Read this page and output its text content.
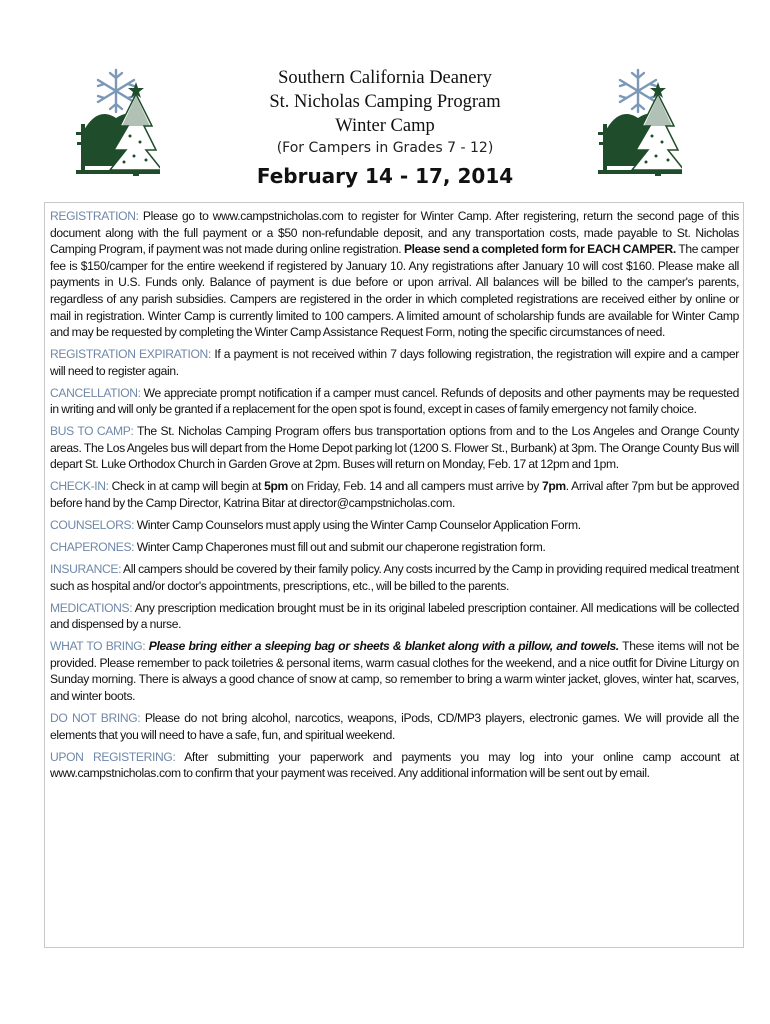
Southern California Deanery
St. Nicholas Camping Program
Winter Camp
(For Campers in Grades 7 - 12)
February 14 - 17, 2014

REGISTRATION: Please go to www.campstnicholas.com to register for Winter Camp. After registering, return the second page of this document along with the full payment or a $50 non-refundable deposit, and any transportation costs, made payable to St. Nicholas Camping Program, if payment was not made during online registration. Please send a completed form for EACH CAMPER. The camper fee is $150/camper for the entire weekend if registered by January 10. Any registrations after January 10 will cost $160. Please make all payments in U.S. Funds only. Balance of payment is due before or upon arrival. All balances will be billed to the camper's parents, regardless of any parish subsidies. Campers are registered in the order in which completed registrations are received either by online or mail in registration. Winter Camp is currently limited to 100 campers. A limited amount of scholarship funds are available for Winter Camp and may be requested by completing the Winter Camp Assistance Request Form, noting the specific circumstances of need.

REGISTRATION EXPIRATION: If a payment is not received within 7 days following registration, the registration will expire and a camper will need to register again.

CANCELLATION: We appreciate prompt notification if a camper must cancel. Refunds of deposits and other payments may be requested in writing and will only be granted if a replacement for the open spot is found, except in cases of family emergency not family choice.

BUS TO CAMP: The St. Nicholas Camping Program offers bus transportation options from and to the Los Angeles and Orange County areas. The Los Angeles bus will depart from the Home Depot parking lot (1200 S. Flower St., Burbank) at 3pm. The Orange County Bus will depart St. Luke Orthodox Church in Garden Grove at 2pm. Buses will return on Monday, Feb. 17 at 12pm and 1pm.

CHECK-IN: Check in at camp will begin at 5pm on Friday, Feb. 14 and all campers must arrive by 7pm. Arrival after 7pm but be approved before hand by the Camp Director, Katrina Bitar at director@campstnicholas.com.

COUNSELORS: Winter Camp Counselors must apply using the Winter Camp Counselor Application Form.

CHAPERONES: Winter Camp Chaperones must fill out and submit our chaperone registration form.

INSURANCE: All campers should be covered by their family policy. Any costs incurred by the Camp in providing required medical treatment such as hospital and/or doctor's appointments, prescriptions, etc., will be billed to the parents.

MEDICATIONS: Any prescription medication brought must be in its original labeled prescription container. All medications will be collected and dispensed by a nurse.

WHAT TO BRING: Please bring either a sleeping bag or sheets & blanket along with a pillow, and towels. These items will not be provided. Please remember to pack toiletries & personal items, warm casual clothes for the weekend, and a nice outfit for Divine Liturgy on Sunday morning. There is always a good chance of snow at camp, so remember to bring a warm winter jacket, gloves, winter hat, scarves, and winter boots.

DO NOT BRING: Please do not bring alcohol, narcotics, weapons, iPods, CD/MP3 players, electronic games. We will provide all the elements that you will need to have a safe, fun, and spiritual weekend.

UPON REGISTERING: After submitting your paperwork and payments you may log into your online camp account at www.campstnicholas.com to confirm that your payment was received. Any additional information will be sent out by email.
